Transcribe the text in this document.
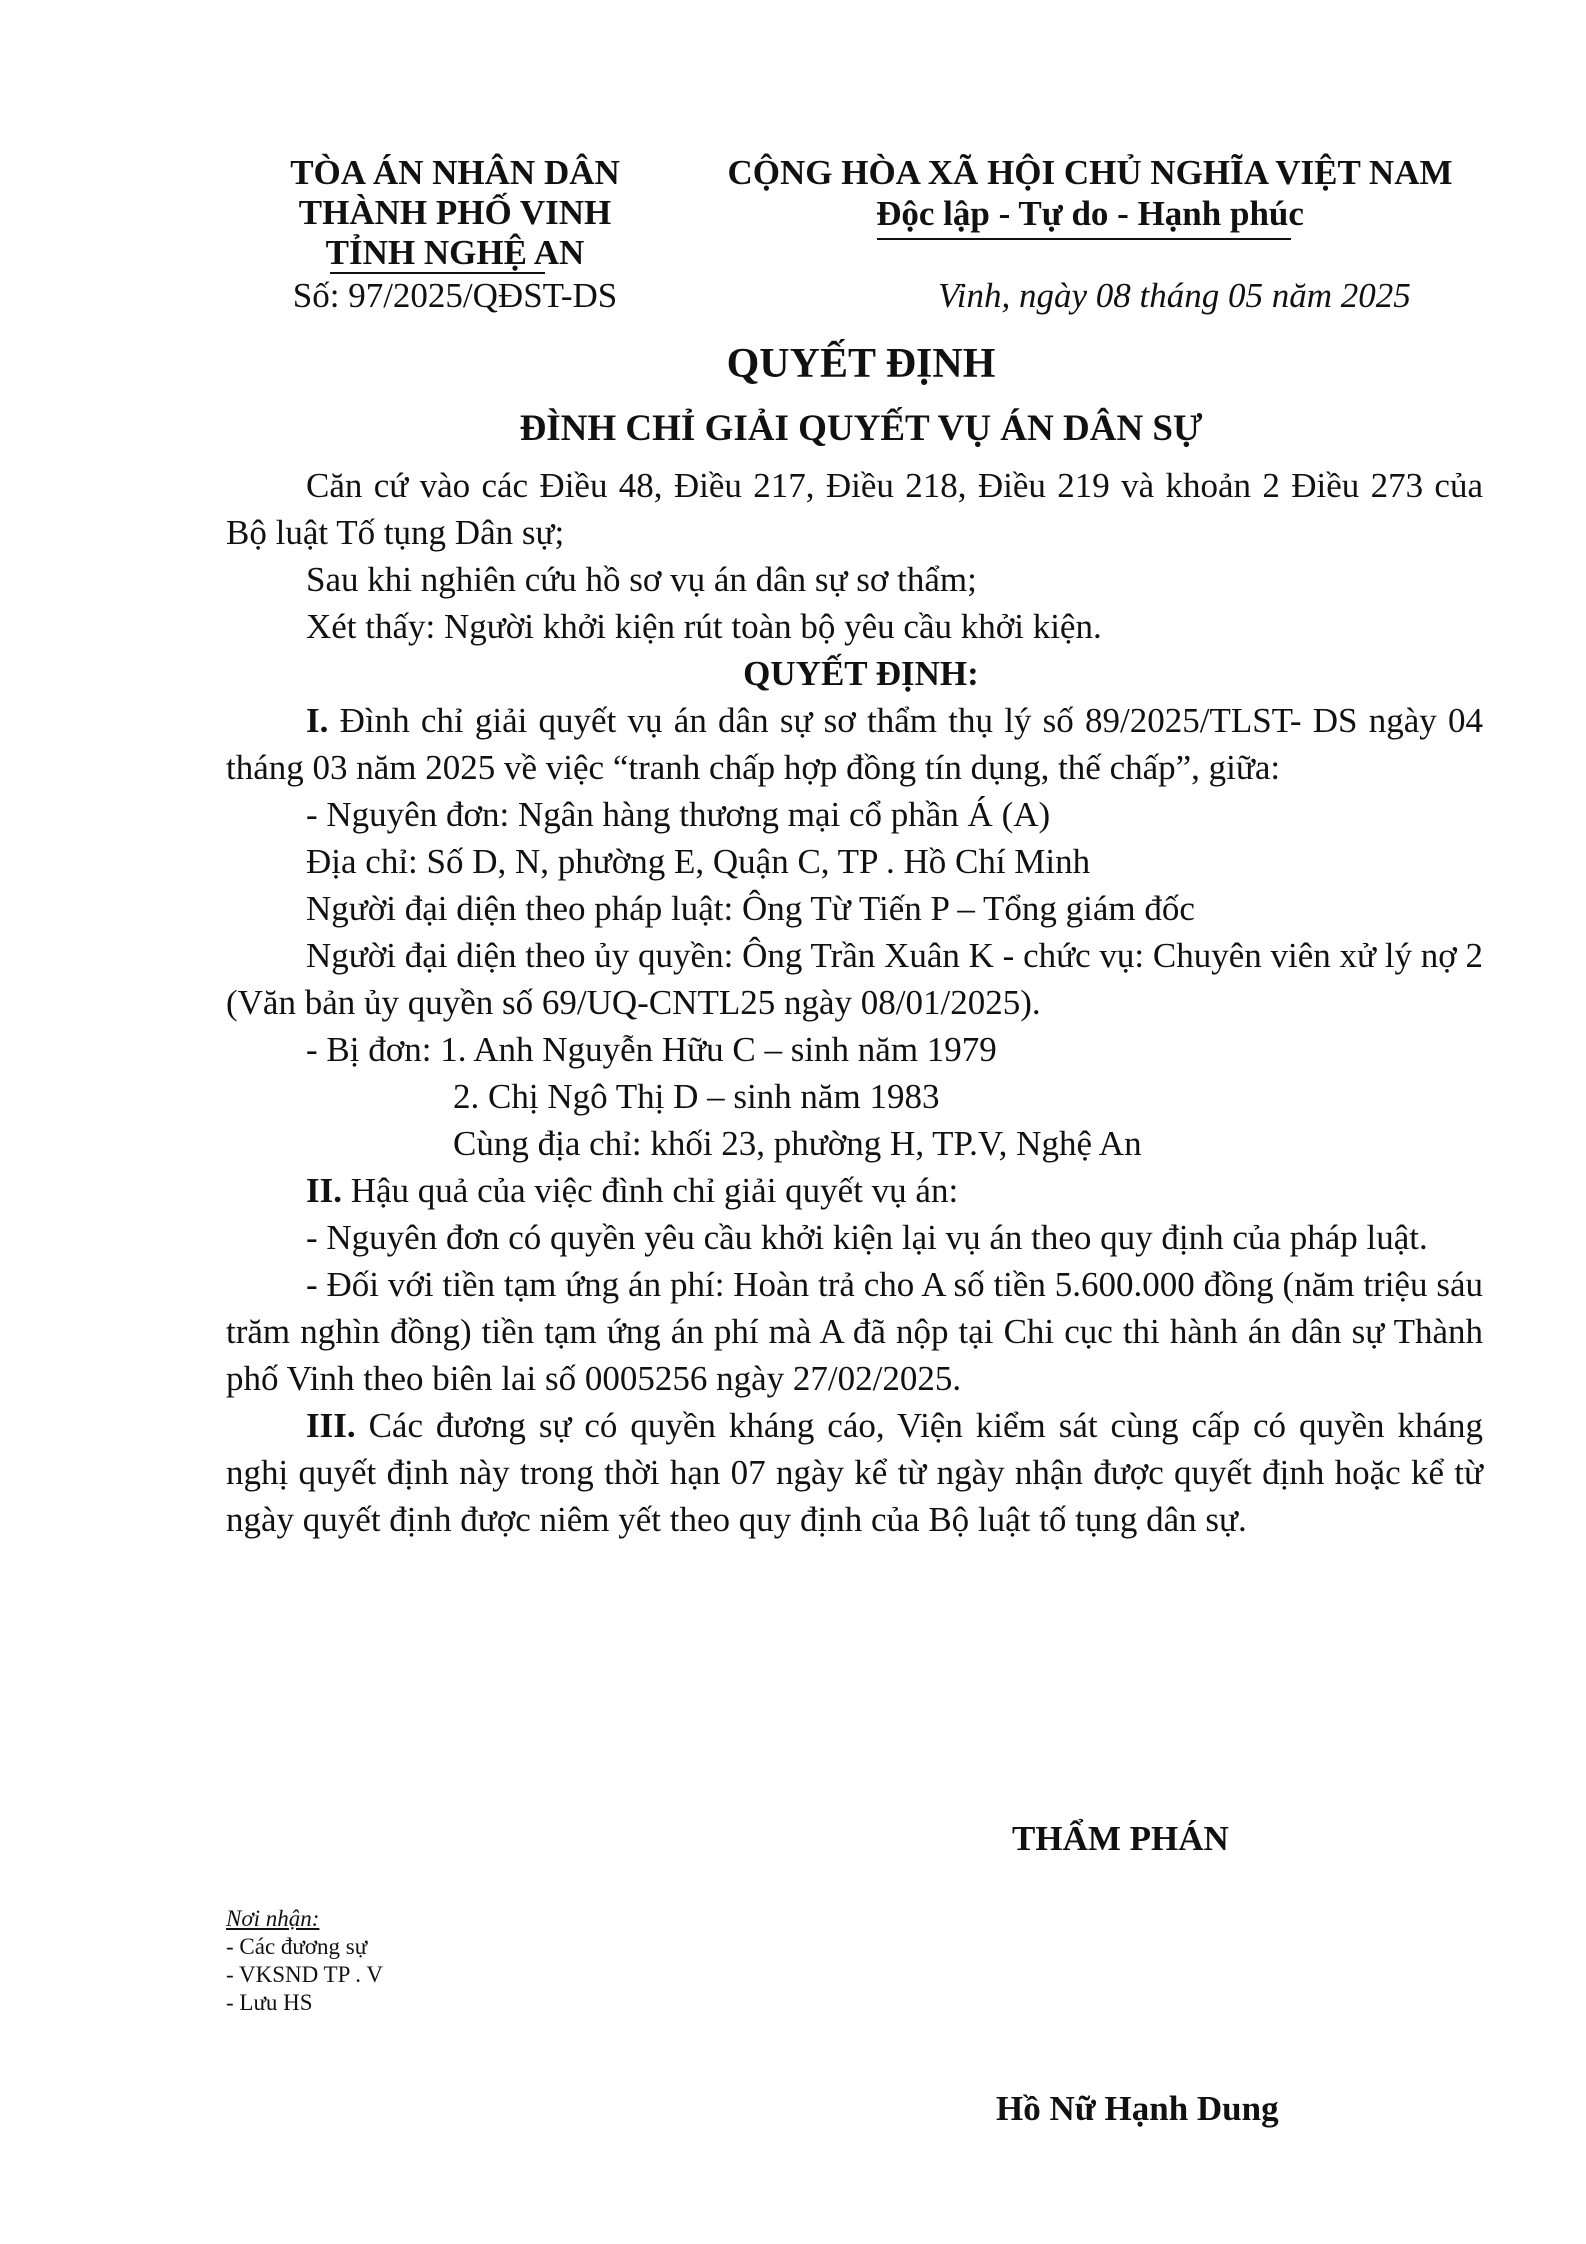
TÒA ÁN NHÂN DÂN
THÀNH PHỐ VINH
TỈNH NGHỆ AN
Số: 97/2025/QĐST-DS
CỘNG HÒA XÃ HỘI CHỦ NGHĨA VIỆT NAM
Độc lập - Tự do - Hạnh phúc
Vinh, ngày 08 tháng 05 năm 2025
QUYẾT ĐỊNH
ĐÌNH CHỈ GIẢI QUYẾT VỤ ÁN DÂN SỰ
Căn cứ vào các Điều 48, Điều 217, Điều 218, Điều 219 và khoản 2 Điều 273 của Bộ luật Tố tụng Dân sự;
Sau khi nghiên cứu hồ sơ vụ án dân sự sơ thẩm;
Xét thấy: Người khởi kiện rút toàn bộ yêu cầu khởi kiện.
QUYẾT ĐỊNH:
I. Đình chỉ giải quyết vụ án dân sự sơ thẩm thụ lý số 89/2025/TLST- DS ngày 04 tháng 03 năm 2025 về việc “tranh chấp hợp đồng tín dụng, thế chấp”, giữa:
- Nguyên đơn: Ngân hàng thương mại cổ phần Á (A)
Địa chỉ: Số D, N, phường E, Quận C, TP . Hồ Chí Minh
Người đại diện theo pháp luật: Ông Từ Tiến P – Tổng giám đốc
Người đại diện theo ủy quyền: Ông Trần Xuân K - chức vụ: Chuyên viên xử lý nợ 2 (Văn bản ủy quyền số 69/UQ-CNTL25 ngày 08/01/2025).
- Bị đơn: 1. Anh Nguyễn Hữu C – sinh năm 1979
2. Chị Ngô Thị D – sinh năm 1983
Cùng địa chỉ: khối 23, phường H, TP.V, Nghệ An
II. Hậu quả của việc đình chỉ giải quyết vụ án:
- Nguyên đơn có quyền yêu cầu khởi kiện lại vụ án theo quy định của pháp luật.
- Đối với tiền tạm ứng án phí: Hoàn trả cho A số tiền 5.600.000 đồng (năm triệu sáu trăm nghìn đồng) tiền tạm ứng án phí mà A đã nộp tại Chi cục thi hành án dân sự Thành phố Vinh theo biên lai số 0005256 ngày 27/02/2025.
III. Các đương sự có quyền kháng cáo, Viện kiểm sát cùng cấp có quyền kháng nghị quyết định này trong thời hạn 07 ngày kể từ ngày nhận được quyết định hoặc kể từ ngày quyết định được niêm yết theo quy định của Bộ luật tố tụng dân sự.
THẨM PHÁN
Hồ Nữ Hạnh Dung
Nơi nhận:
- Các đương sự
- VKSND TP . V
- Lưu HS
